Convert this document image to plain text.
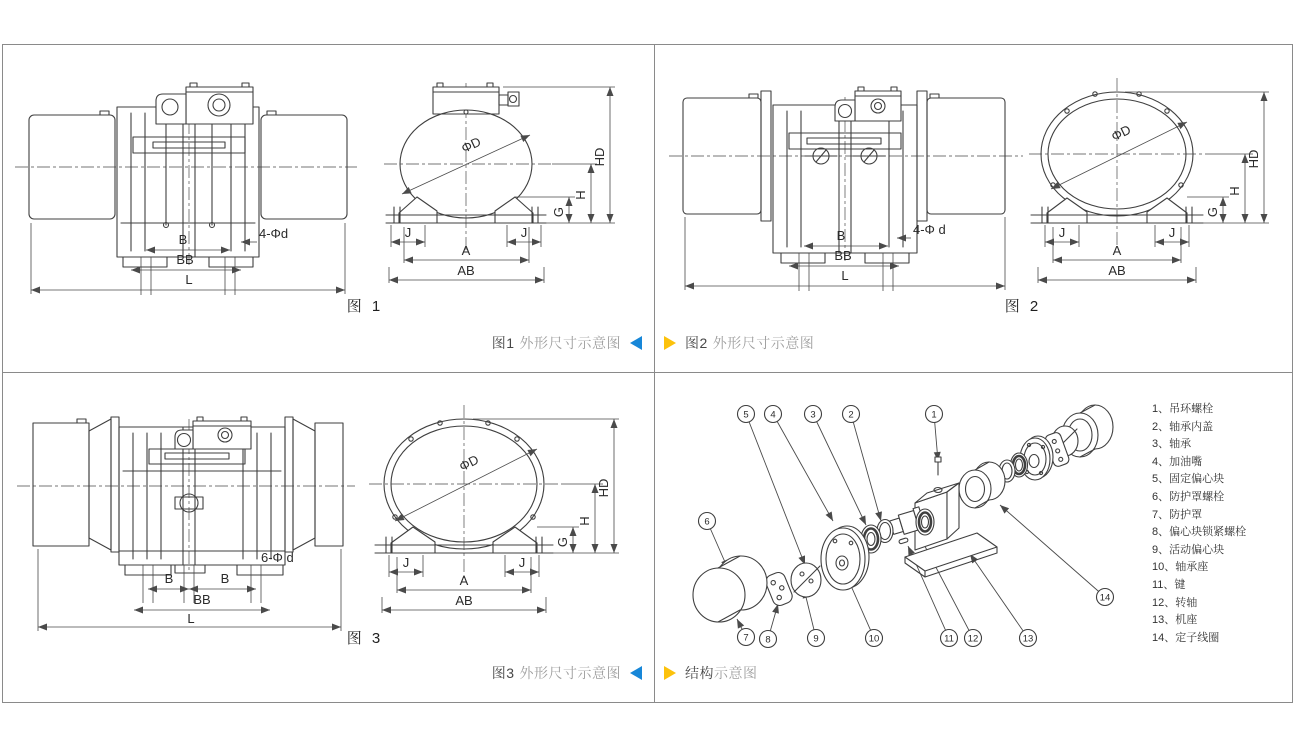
B
BB
L
4-Φd
图 1
ΦD
J	J
A
AB
HD
H
G
图1 外形尺寸示意图
B
BB
L
4-Φ d
图 2
ΦD
J	J
A
AB
HD
H
G
图2 外形尺寸示意图
B	B
BB
L
6-Φ d
图 3
ΦD
J	J
A
AB
HD
H
G
图3 外形尺寸示意图
1
2
3
4
5
6
7 8	9	10	11 12	13
14
1、吊环螺栓
2、轴承内盖
3、轴承
4、加油嘴
5、固定偏心块
6、防护罩螺栓
7、防护罩
8、偏心块锁紧螺栓
9、活动偏心块
10、轴承座
11、键
12、转轴
13、机座
14、定子线圈
结构 示意图
